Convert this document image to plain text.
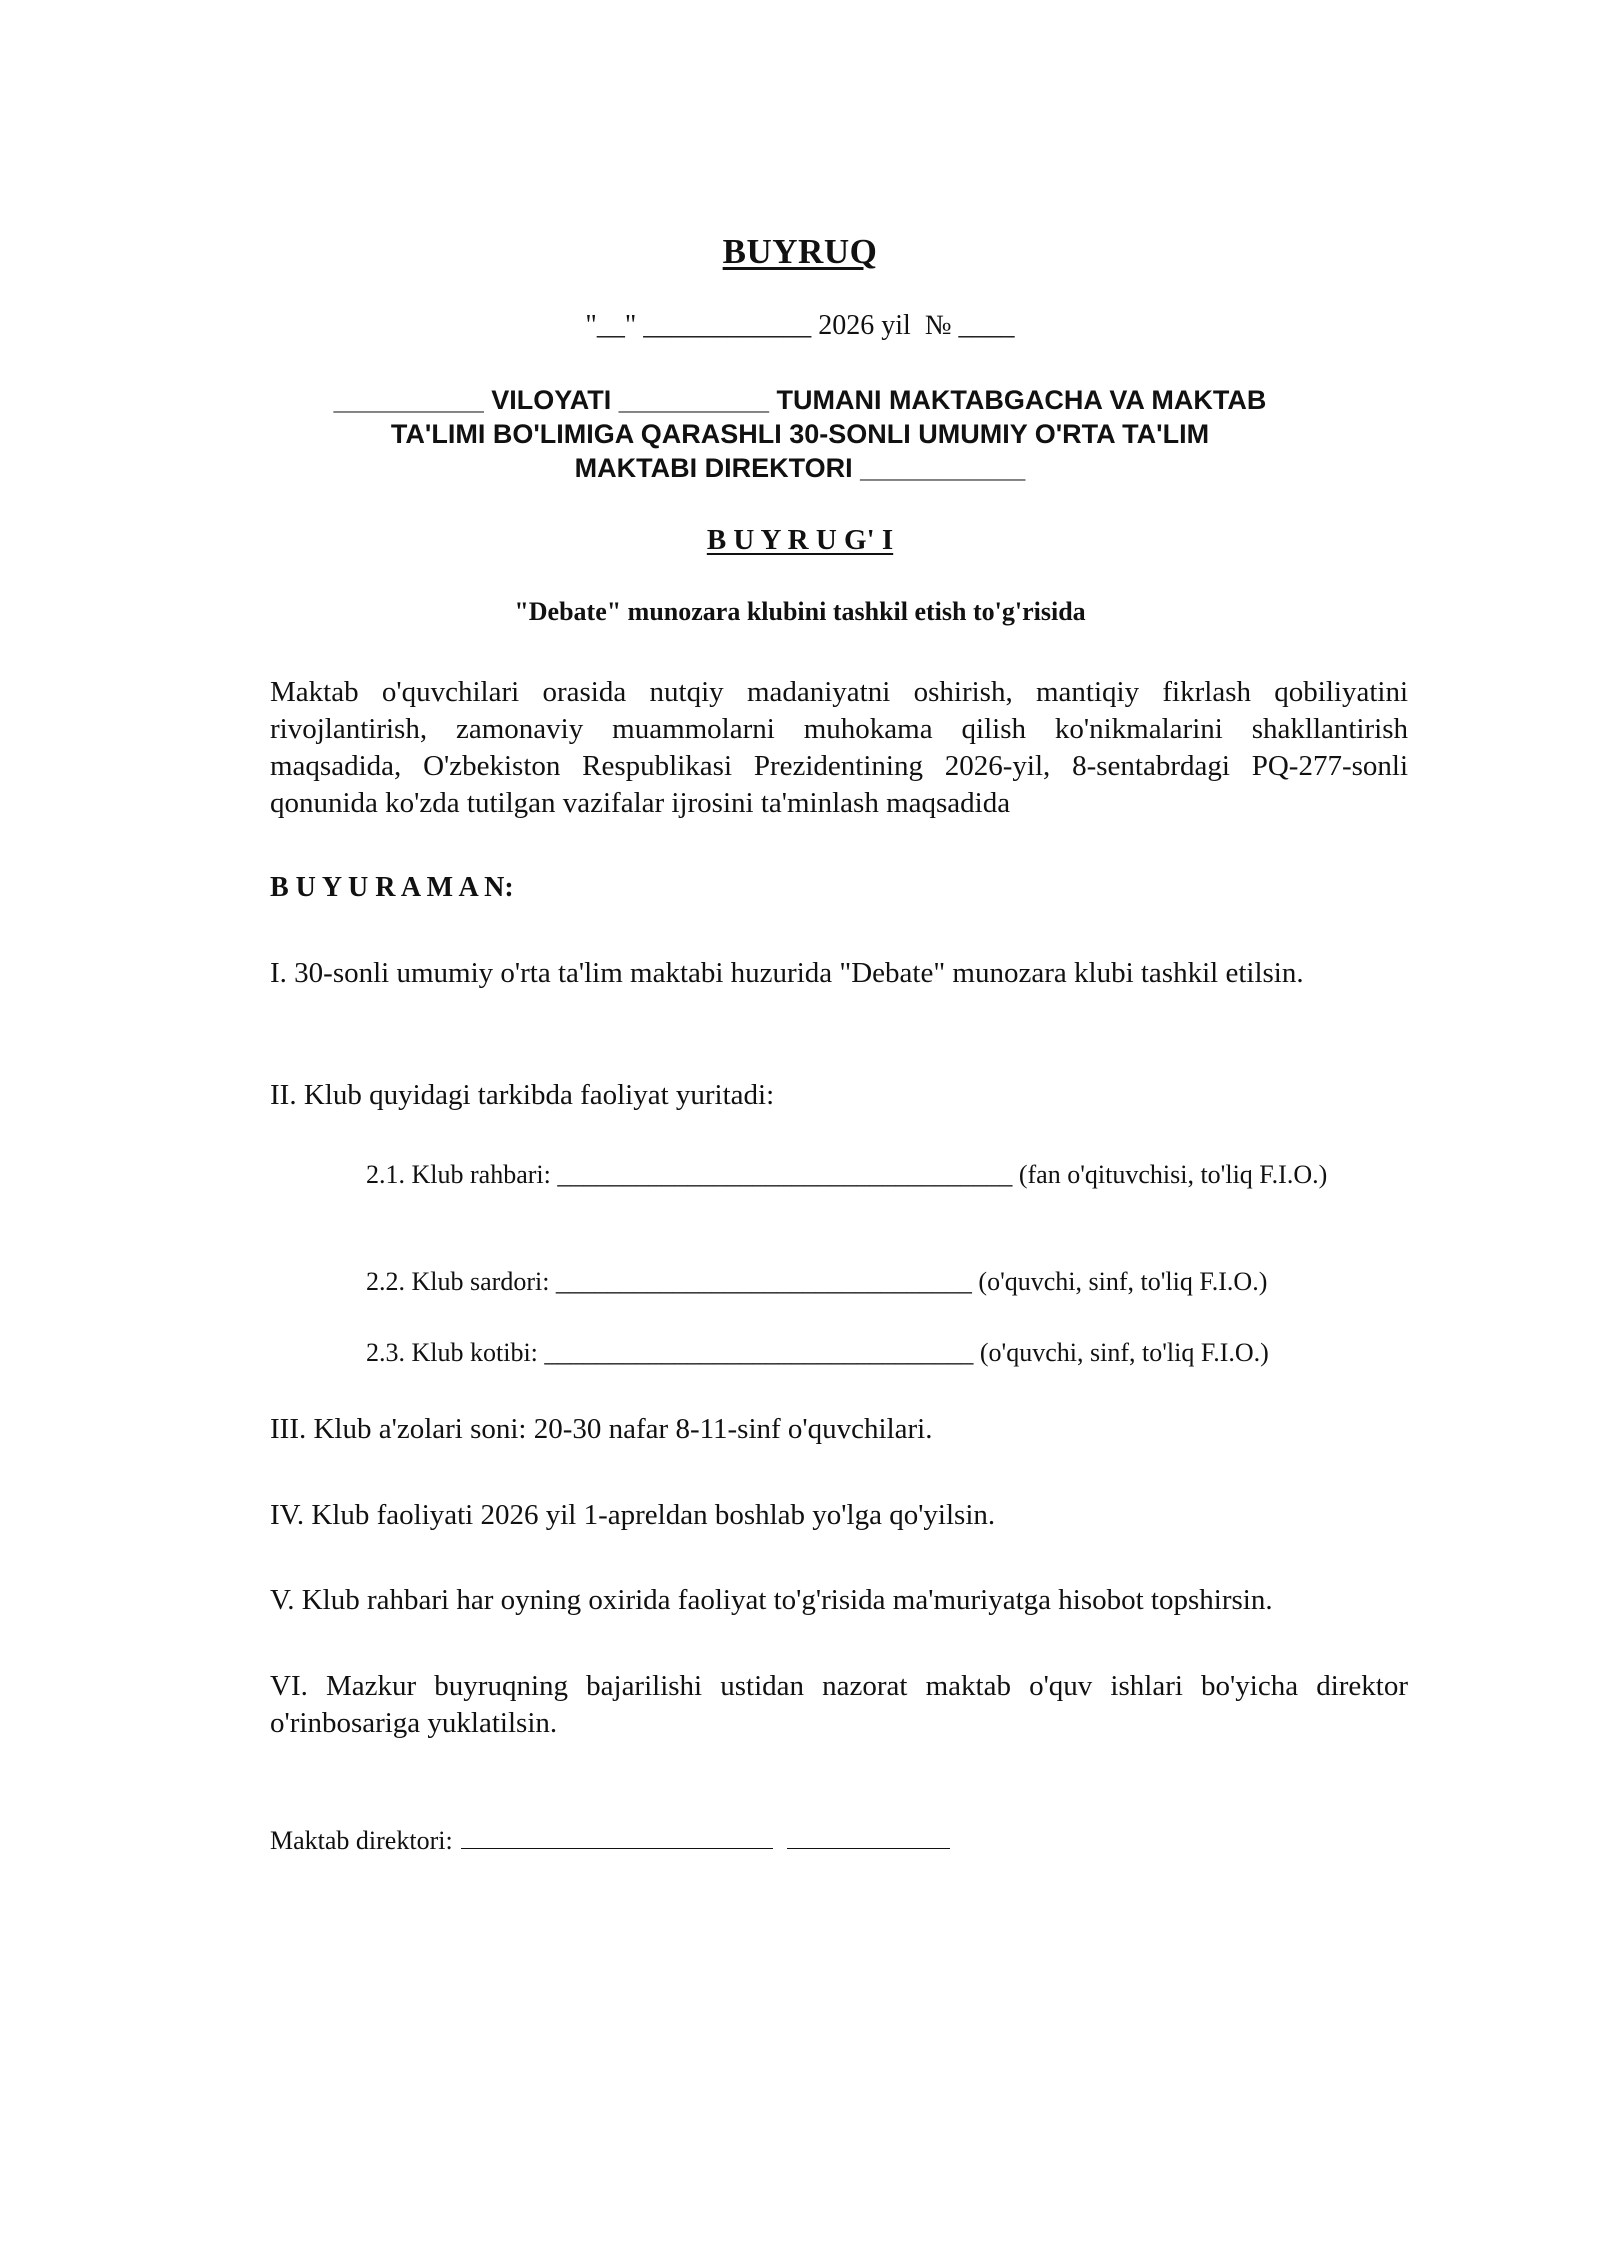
BUYRUQ
"__" ____________ 2026 yil  № ____
__________ VILOYATI __________ TUMANI MAKTABGACHA VA MAKTAB
TA'LIMI BO'LIMIGA QARASHLI 30-SONLI UMUMIY O'RTA TA'LIM
MAKTABI DIREKTORI ___________
B U Y R U G' I
"Debate" munozara klubini tashkil etish to'g'risida
Maktab o'quvchilari orasida nutqiy madaniyatni oshirish, mantiqiy fikrlash qobiliyatini rivojlantirish, zamonaviy muammolarni muhokama qilish ko'nikmalarini shakllantirish maqsadida, O'zbekiston Respublikasi Prezidentining 2026-yil, 8-sentabrdagi PQ-277-sonli qonunida ko'zda tutilgan vazifalar ijrosini ta'minlash maqsadida
B U Y U R A M A N:
I. 30-sonli umumiy o'rta ta'lim maktabi huzurida "Debate" munozara klubi tashkil etilsin.
II. Klub quyidagi tarkibda faoliyat yuritadi:
2.1. Klub rahbari: ___________________________________ (fan o'qituvchisi, to'liq F.I.O.)
2.2. Klub sardori: ________________________________ (o'quvchi, sinf, to'liq F.I.O.)
2.3. Klub kotibi: _________________________________ (o'quvchi, sinf, to'liq F.I.O.)
III. Klub a'zolari soni: 20-30 nafar 8-11-sinf o'quvchilari.
IV. Klub faoliyati 2026 yil 1-apreldan boshlab yo'lga qo'yilsin.
V. Klub rahbari har oyning oxirida faoliyat to'g'risida ma'muriyatga hisobot topshirsin.
VI. Mazkur buyruqning bajarilishi ustidan nazorat maktab o'quv ishlari bo'yicha direktor o'rinbosariga yuklatilsin.
Maktab direktori:
